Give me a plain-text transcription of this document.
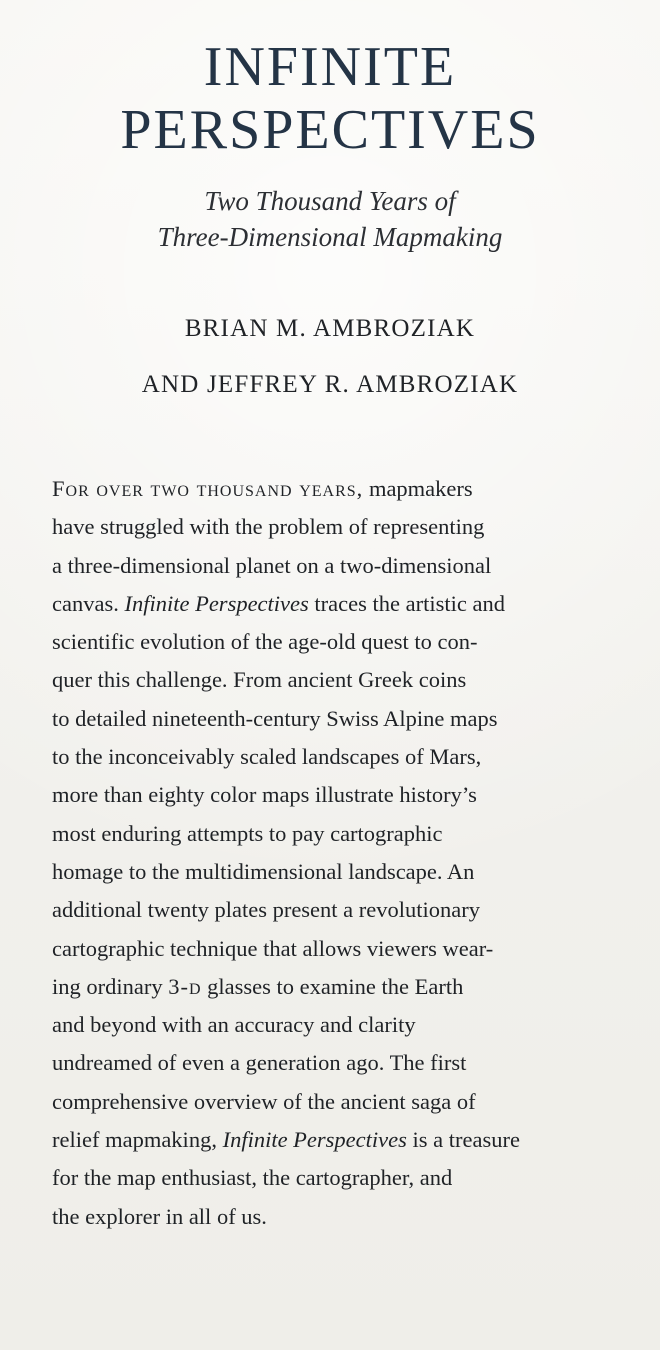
INFINITE
PERSPECTIVES
Two Thousand Years of
Three-Dimensional Mapmaking
BRIAN M. AMBROZIAK
AND JEFFREY R. AMBROZIAK
For over two thousand years, mapmakers
have struggled with the problem of representing
a three-dimensional planet on a two-dimensional
canvas. Infinite Perspectives traces the artistic and
scientific evolution of the age-old quest to con-
quer this challenge. From ancient Greek coins
to detailed nineteenth-century Swiss Alpine maps
to the inconceivably scaled landscapes of Mars,
more than eighty color maps illustrate history’s
most enduring attempts to pay cartographic
homage to the multidimensional landscape. An
additional twenty plates present a revolutionary
cartographic technique that allows viewers wear-
ing ordinary 3-d glasses to examine the Earth
and beyond with an accuracy and clarity
undreamed of even a generation ago. The first
comprehensive overview of the ancient saga of
relief mapmaking, Infinite Perspectives is a treasure
for the map enthusiast, the cartographer, and
the explorer in all of us.
